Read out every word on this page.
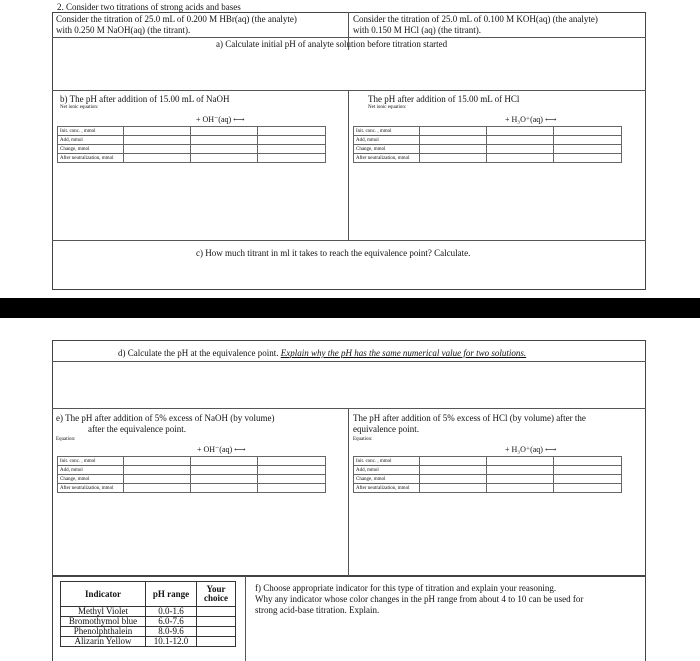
2. Consider two titrations of strong acids and bases
Consider the titration of 25.0 mL of 0.200 M HBr(aq) (the analyte)
with 0.250 M NaOH(aq) (the titrant).
Consider the titration of 25.0 mL of 0.100 M KOH(aq) (the analyte)
with 0.150 M HCl (aq) (the titrant).
a) Calculate initial pH of analyte solution before titration started
b) The pH after addition of 15.00 mL of NaOH	The pH after addition of 15.00 mL of HCl
Net ionic equation:	Net ionic equation:
+ OH⁻(aq) ⟷	+ H₃O⁺(aq) ⟷
Init. conc. , mmol			
Add, mmol			
Change, mmol			
After neutralization, mmol			
Init. conc. , mmol			
Add, mmol			
Change, mmol			
After neutralization, mmol			
c) How much titrant in ml it takes to reach the equivalence point? Calculate.
d) Calculate the pH at the equivalence point. Explain why the pH has the same numerical value for two solutions.
e) The pH after addition of 5% excess of NaOH (by volume)
after the equivalence point.
The pH after addition of 5% excess of HCl (by volume) after the
equivalence point.
Equation:	Equation:
+ OH⁻(aq) ⟷	+ H₃O⁺(aq) ⟷
Init. conc. , mmol			
Add, mmol			
Change, mmol			
After neutralization, mmol			
Init. conc. , mmol			
Add, mmol			
Change, mmol			
After neutralization, mmol			
Indicator	pH range	Your choice
Methyl Violet	0.0-1.6	
Bromothymol blue	6.0-7.6	
Phenolphthalein	8.0-9.6	
Alizarin Yellow	10.1-12.0	
f) Choose appropriate indicator for this type of titration and explain your reasoning.
Why any indicator whose color changes in the pH range from about 4 to 10 can be used for
strong acid-base titration. Explain.
